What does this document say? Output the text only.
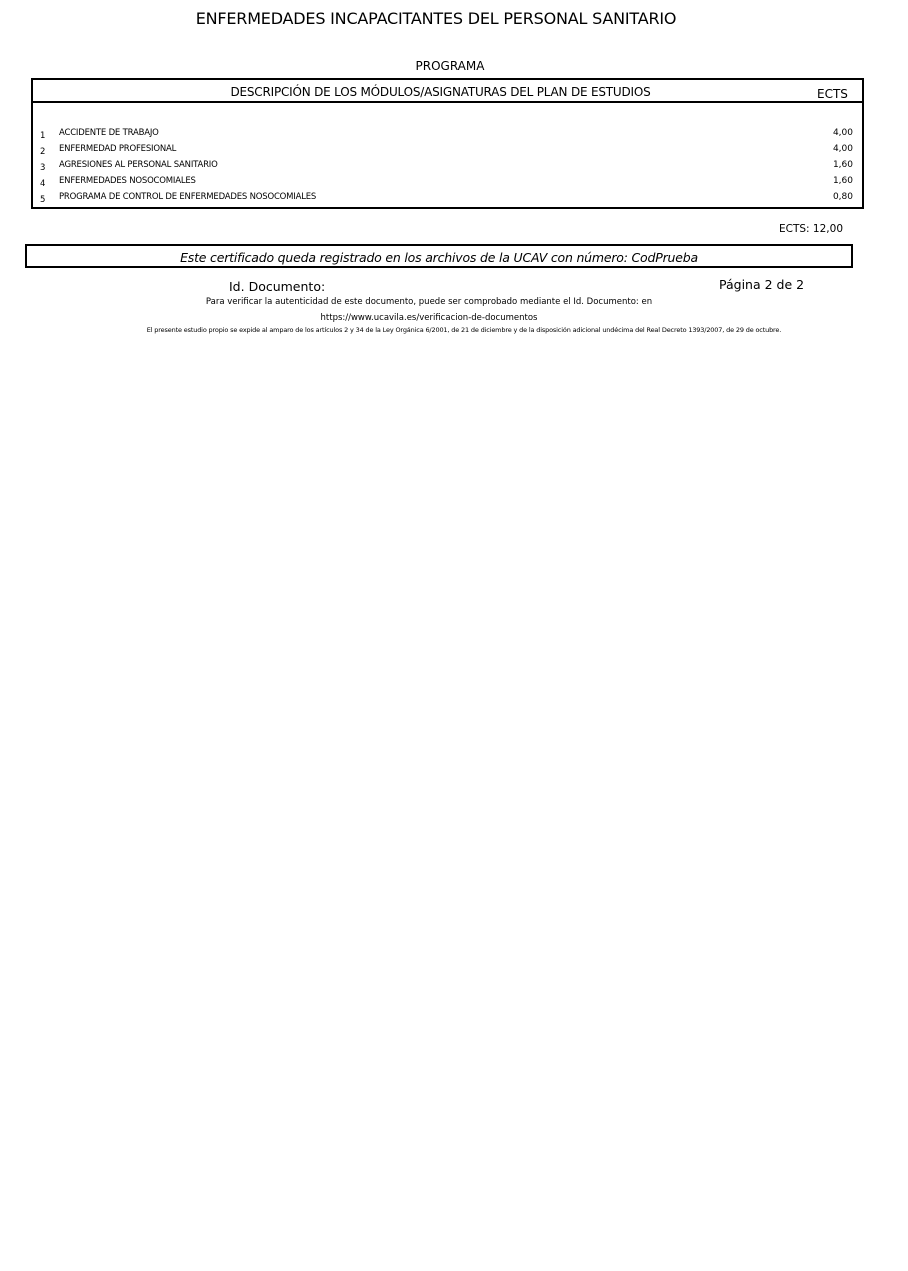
ENFERMEDADES INCAPACITANTES DEL PERSONAL SANITARIO
PROGRAMA
DESCRIPCIÓN DE LOS MÓDULOS/ASIGNATURAS DEL PLAN DE ESTUDIOS	ECTS
1 ACCIDENTE DE TRABAJO	4,00
2 ENFERMEDAD PROFESIONAL	4,00
3 AGRESIONES AL PERSONAL SANITARIO	1,60
4 ENFERMEDADES NOSOCOMIALES	1,60
5 PROGRAMA DE CONTROL DE ENFERMEDADES NOSOCOMIALES	0,80
ECTS: 12,00
Este certificado queda registrado en los archivos de la UCAV con número: CodPrueba
Id. Documento:	Página 2 de 2
Para verificar la autenticidad de este documento, puede ser comprobado mediante el Id. Documento: en
https://www.ucavila.es/verificacion-de-documentos
El presente estudio propio se expide al amparo de los artículos 2 y 34 de la Ley Orgánica 6/2001, de 21 de diciembre y de la disposición adicional undécima del Real Decreto 1393/2007, de 29 de octubre.
